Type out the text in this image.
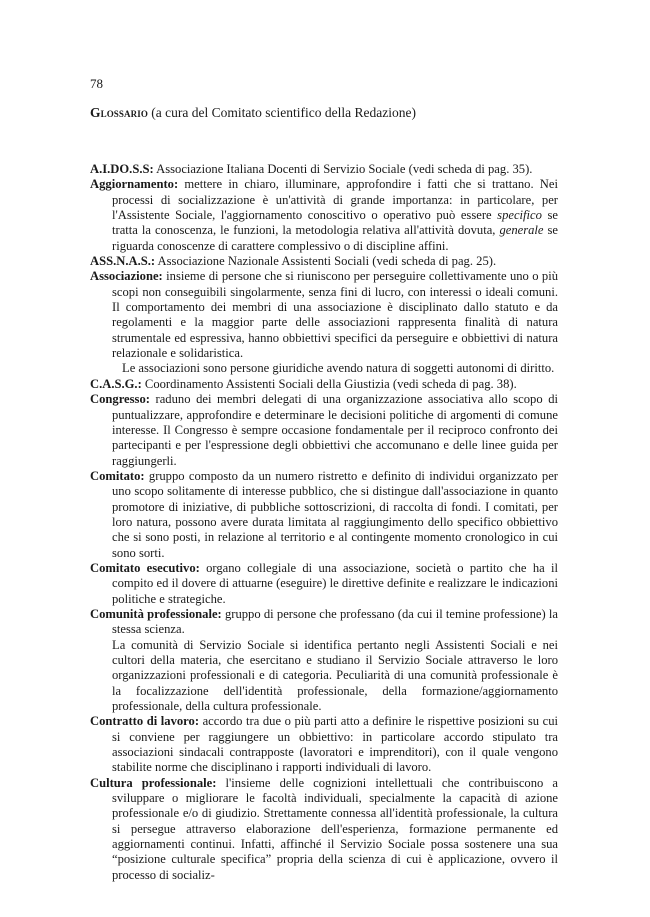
78
Glossario (a cura del Comitato scientifico della Redazione)

A.I.DO.S.S: Associazione Italiana Docenti di Servizio Sociale (vedi scheda di pag. 35).

Aggiornamento: mettere in chiaro, illuminare, approfondire i fatti che si trattano. Nei processi di socializzazione è un'attività di grande importanza: in particolare, per l'Assistente Sociale, l'aggiornamento conoscitivo o operativo può essere specifico se tratta la conoscenza, le funzioni, la metodologia relativa all'attività dovuta, generale se riguarda conoscenze di carattere complessivo o di discipline affini.

ASS.N.A.S.: Associazione Nazionale Assistenti Sociali (vedi scheda di pag. 25).

Associazione: insieme di persone che si riuniscono per perseguire collettivamente uno o più scopi non conseguibili singolarmente, senza fini di lucro, con interessi o ideali comuni. Il comportamento dei membri di una associazione è disciplinato dallo statuto e da regolamenti e la maggior parte delle associazioni rappresenta finalità di natura strumentale ed espressiva, hanno obbiettivi specifici da perseguire e obbiettivi di natura relazionale e solidaristica.

Le associazioni sono persone giuridiche avendo natura di soggetti autonomi di diritto.

C.A.S.G.: Coordinamento Assistenti Sociali della Giustizia (vedi scheda di pag. 38).

Congresso: raduno dei membri delegati di una organizzazione associativa allo scopo di puntualizzare, approfondire e determinare le decisioni politiche di argomenti di comune interesse. Il Congresso è sempre occasione fondamentale per il reciproco confronto dei partecipanti e per l'espressione degli obbiettivi che accomunano e delle linee guida per raggiungerli.

Comitato: gruppo composto da un numero ristretto e definito di individui organizzato per uno scopo solitamente di interesse pubblico, che si distingue dall'associazione in quanto promotore di iniziative, di pubbliche sottoscrizioni, di raccolta di fondi. I comitati, per loro natura, possono avere durata limitata al raggiungimento dello specifico obbiettivo che si sono posti, in relazione al territorio e al contingente momento cronologico in cui sono sorti.

Comitato esecutivo: organo collegiale di una associazione, società o partito che ha il compito ed il dovere di attuarne (eseguire) le direttive definite e realizzare le indicazioni politiche e strategiche.

Comunità professionale: gruppo di persone che professano (da cui il temine professione) la stessa scienza.

La comunità di Servizio Sociale si identifica pertanto negli Assistenti Sociali e nei cultori della materia, che esercitano e studiano il Servizio Sociale attraverso le loro organizzazioni professionali e di categoria. Peculiarità di una comunità professionale è la focalizzazione dell'identità professionale, della formazione/aggiornamento professionale, della cultura professionale.

Contratto di lavoro: accordo tra due o più parti atto a definire le rispettive posizioni su cui si conviene per raggiungere un obbiettivo: in particolare accordo stipulato tra associazioni sindacali contrapposte (lavoratori e imprenditori), con il quale vengono stabilite norme che disciplinano i rapporti individuali di lavoro.

Cultura professionale: l'insieme delle cognizioni intellettuali che contribuiscono a sviluppare o migliorare le facoltà individuali, specialmente la capacità di azione professionale e/o di giudizio. Strettamente connessa all'identità professionale, la cultura si persegue attraverso elaborazione dell'esperienza, formazione permanente ed aggiornamenti continui. Infatti, affinché il Servizio Sociale possa sostenere una sua “posizione culturale specifica” propria della scienza di cui è applicazione, ovvero il processo di socializ-
